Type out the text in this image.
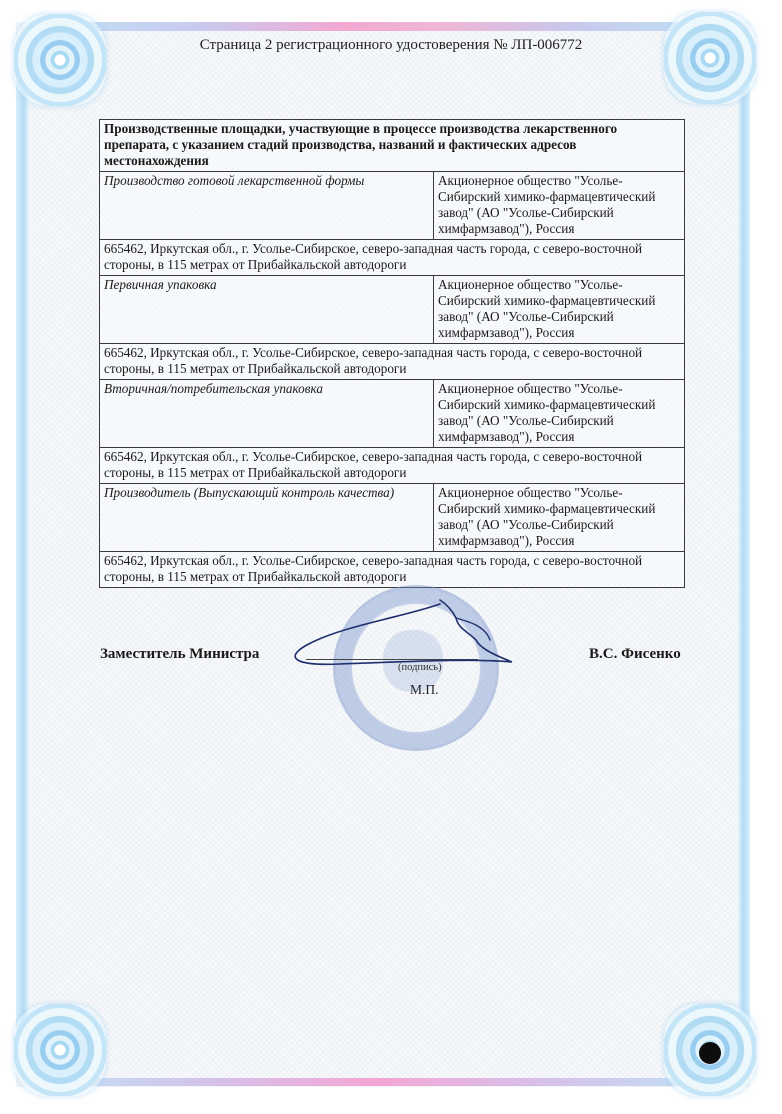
Страница 2 регистрационного удостоверения № ЛП-006772
Производственные площадки, участвующие в процессе производства лекарственного препарата, с указанием стадий производства, названий и фактических адресов местонахождения	
Производство готовой лекарственной формы	Акционерное общество "Усолье-Сибирский химико-фармацевтический завод" (АО "Усолье-Сибирский химфармзавод"), Россия
665462, Иркутская обл., г. Усолье-Сибирское, северо-западная часть города, с северо-восточной стороны, в 115 метрах от Прибайкальской автодороги	
Первичная упаковка	Акционерное общество "Усолье-Сибирский химико-фармацевтический завод" (АО "Усолье-Сибирский химфармзавод"), Россия
665462, Иркутская обл., г. Усолье-Сибирское, северо-западная часть города, с северо-восточной стороны, в 115 метрах от Прибайкальской автодороги	
Вторичная/потребительская упаковка	Акционерное общество "Усолье-Сибирский химико-фармацевтический завод" (АО "Усолье-Сибирский химфармзавод"), Россия
665462, Иркутская обл., г. Усолье-Сибирское, северо-западная часть города, с северо-восточной стороны, в 115 метрах от Прибайкальской автодороги	
Производитель (Выпускающий контроль качества)	Акционерное общество "Усолье-Сибирский химико-фармацевтический завод" (АО "Усолье-Сибирский химфармзавод"), Россия
665462, Иркутская обл., г. Усолье-Сибирское, северо-западная часть города, с северо-восточной стороны, в 115 метрах от Прибайкальской автодороги	
Заместитель Министра	В.С. Фисенко
(подпись)
М.П.
